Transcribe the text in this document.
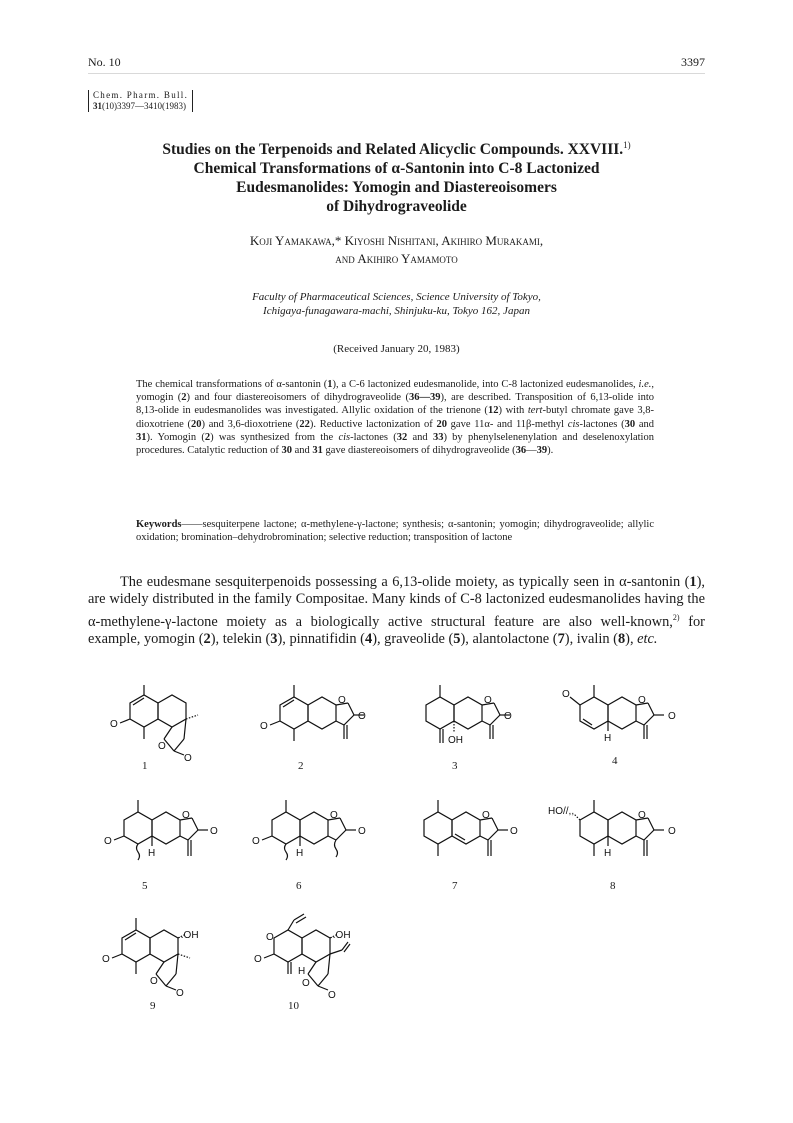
No. 10	3397
Chem. Pharm. Bull.
31(10)3397—3410(1983)
Studies on the Terpenoids and Related Alicyclic Compounds. XXVIII.$^{1)}$
Chemical Transformations of α-Santonin into C-8 Lactonized
Eudesmanolides: Yomogin and Diastereoisomers
of Dihydrograveolide
Koji Yamakawa,* Kiyoshi Nishitani, Akihiro Murakami,
and Akihiro Yamamoto
Faculty of Pharmaceutical Sciences, Science University of Tokyo,
Ichigaya-funagawara-machi, Shinjuku-ku, Tokyo 162, Japan
(Received January 20, 1983)
The chemical transformations of α-santonin (1), a C-6 lactonized eudesmanolide, into C-8 lactonized eudesmanolides, i.e., yomogin (2) and four diastereoisomers of dihydrograveolide (36—39), are described. Transposition of 6,13-olide into 8,13-olide in eudesmanolides was investigated. Allylic oxidation of the trienone (12) with tert-butyl chromate gave 3,8-dioxotriene (20) and 3,6-dioxotriene (22). Reductive lactonization of 20 gave 11α- and 11β-methyl cis-lactones (30 and 31). Yomogin (2) was synthesized from the cis-lactones (32 and 33) by phenylselenenylation and deselenoxylation procedures. Catalytic reduction of 30 and 31 gave diastereoisomers of dihydrograveolide (36—39).
Keywords——sesquiterpene lactone; α-methylene-γ-lactone; synthesis; α-santonin; yomogin; dihydrograveolide; allylic oxidation; bromination–dehydrobromination; selective reduction; transposition of lactone
The eudesmane sesquiterpenoids possessing a 6,13-olide moiety, as typically seen in α-santonin (1), are widely distributed in the family Compositae. Many kinds of C-8 lactonized eudesmanolides having the α-methylene-γ-lactone moiety as a biologically active structural feature are also well-known,$^{2)}$ for example, yomogin (2), telekin (3), pinnatifidin (4), graveolide (5), alantolactone (7), ivalin (8), etc.
O
O
O
1
O
O
O
2
O
O
OH
3
O
O
O
H
4
O
O
O
H
5
O
O
O
H
6
O
O
7
HO//,,	O
O
H
8
O
..OH
O
O
9
O
O
..OH
H
O
O
10
